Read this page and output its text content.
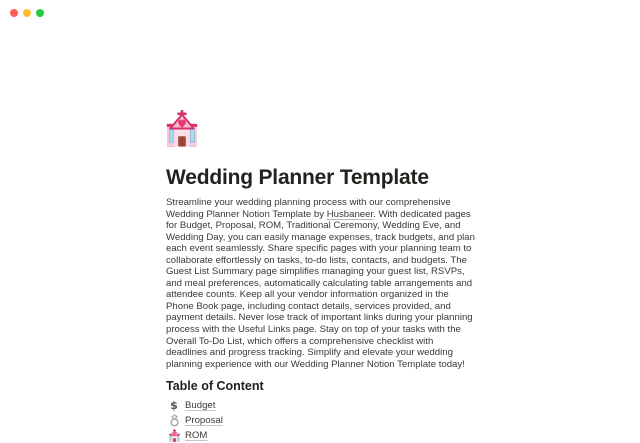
Wedding Planner Template

Streamline your wedding planning process with our comprehensive Wedding Planner Notion Template by Husbaneer. With dedicated pages for Budget, Proposal, ROM, Traditional Ceremony, Wedding Eve, and Wedding Day, you can easily manage expenses, track budgets, and plan each event seamlessly. Share specific pages with your planning team to collaborate effortlessly on tasks, to-do lists, contacts, and budgets. The Guest List Summary page simplifies managing your guest list, RSVPs, and meal preferences, automatically calculating table arrangements and attendee counts. Keep all your vendor information organized in the Phone Book page, including contact details, services provided, and payment details. Never lose track of important links during your planning process with the Useful Links page. Stay on top of your tasks with the Overall To-Do List, which offers a comprehensive checklist with deadlines and progress tracking. Simplify and elevate your wedding planning experience with our Wedding Planner Notion Template today!

Table of Content
$ Budget
Proposal
ROM
